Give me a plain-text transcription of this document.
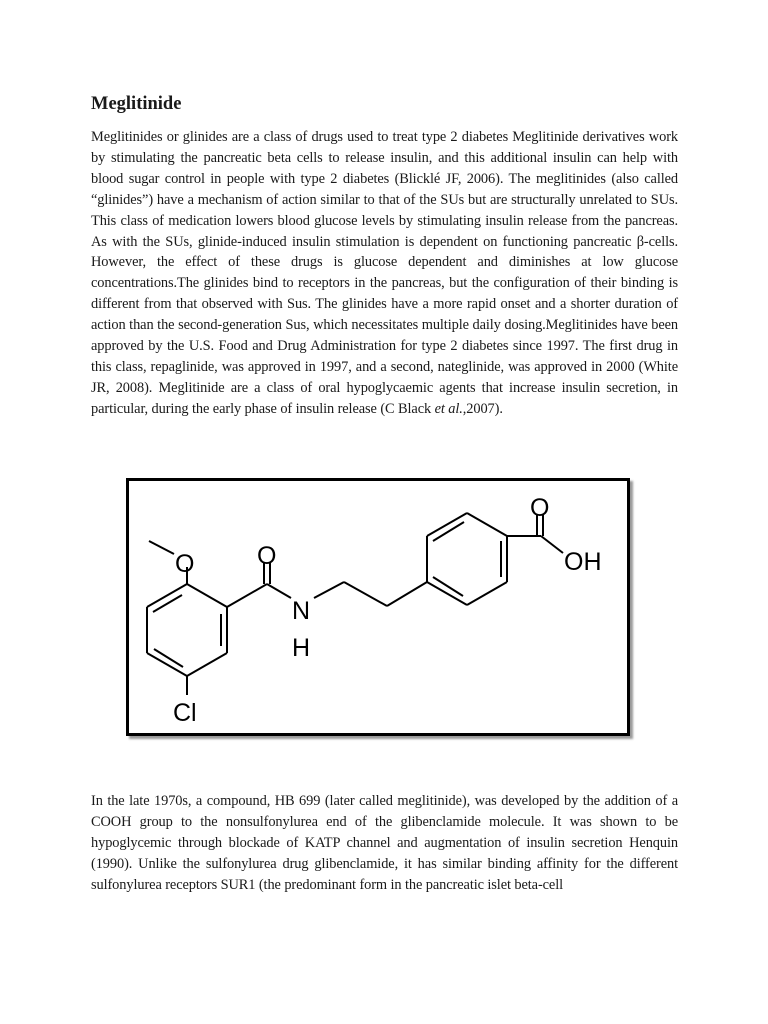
Meglitinide

Meglitinides or glinides are a class of drugs used to treat type 2 diabetes Meglitinide derivatives work by stimulating the pancreatic beta cells to release insulin, and this additional insulin can help with blood sugar control in people with type 2 diabetes (Blicklé JF, 2006). The meglitinides (also called “glinides”) have a mechanism of action similar to that of the SUs but are structurally unrelated to SUs. This class of medication lowers blood glucose levels by stimulating insulin release from the pancreas. As with the SUs, glinide-induced insulin stimulation is dependent on functioning pancreatic β-cells. However, the effect of these drugs is glucose dependent and diminishes at low glucose concentrations.The glinides bind to receptors in the pancreas, but the configuration of their binding is different from that observed with Sus. The glinides have a more rapid onset and a shorter duration of action than the second-generation Sus, which necessitates multiple daily dosing.Meglitinides have been approved by the U.S. Food and Drug Administration for type 2 diabetes since 1997. The first drug in this class, repaglinide, was approved in 1997, and a second, nateglinide, was approved in 2000 (White JR, 2008). Meglitinide are a class of oral hypoglycaemic agents that increase insulin secretion, in particular, during the early phase of insulin release (C Black et al.,2007).

O	O
N
H
O
OH
Cl

In the late 1970s, a compound, HB 699 (later called meglitinide), was developed by the addition of a COOH group to the nonsulfonylurea end of the glibenclamide molecule. It was shown to be hypoglycemic through blockade of KATP channel and augmentation of insulin secretion Henquin (1990). Unlike the sulfonylurea drug glibenclamide, it has similar binding affinity for the different sulfonylurea receptors SUR1 (the predominant form in the pancreatic islet beta-cell
